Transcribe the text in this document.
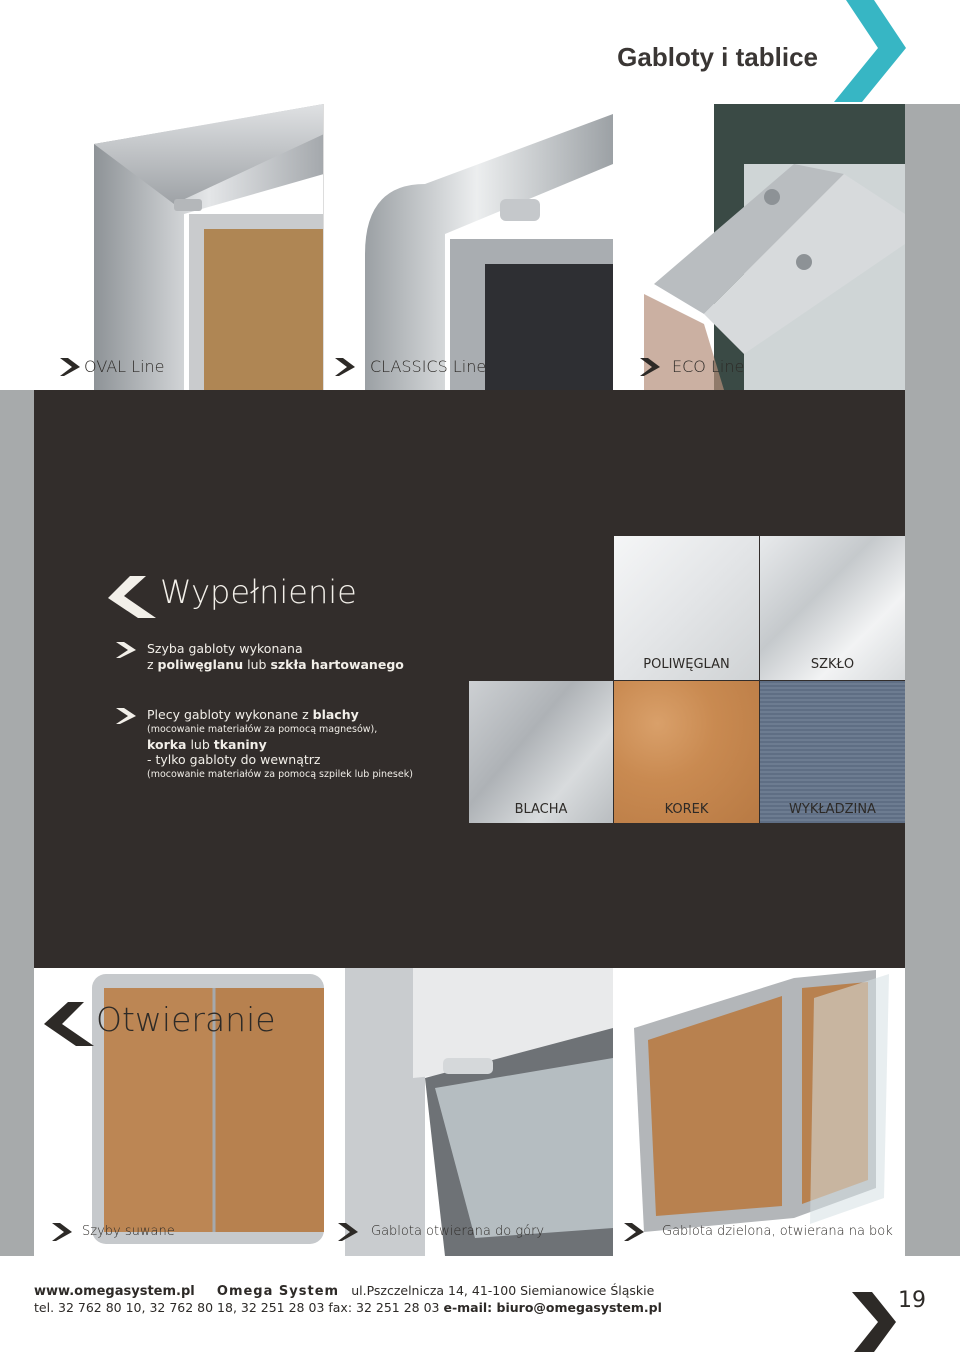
Gabloty i tablice
OVAL Line	CLASSICS Line	ECO Line
Wypełnienie
Szyba gabloty wykonana
z poliwęglanu lub szkła hartowanego
Plecy gabloty wykonane z blachy
(mocowanie materiałów za pomocą magnesów),
korka lub tkaniny
- tylko gabloty do wewnątrz
(mocowanie materiałów za pomocą szpilek lub pinesek)
POLIWĘGLAN	SZKŁO
BLACHA	KOREK	WYKŁADZINA
Otwieranie
Szyby suwane	Gablota otwierana do góry	Gablota dzielona, otwierana na bok
www.omegasystem.pl Omega System ul.Pszczelnicza 14, 41-100 Siemianowice Śląskie
tel. 32 762 80 10, 32 762 80 18, 32 251 28 03 fax: 32 251 28 03 e-mail: biuro@omegasystem.pl	19
